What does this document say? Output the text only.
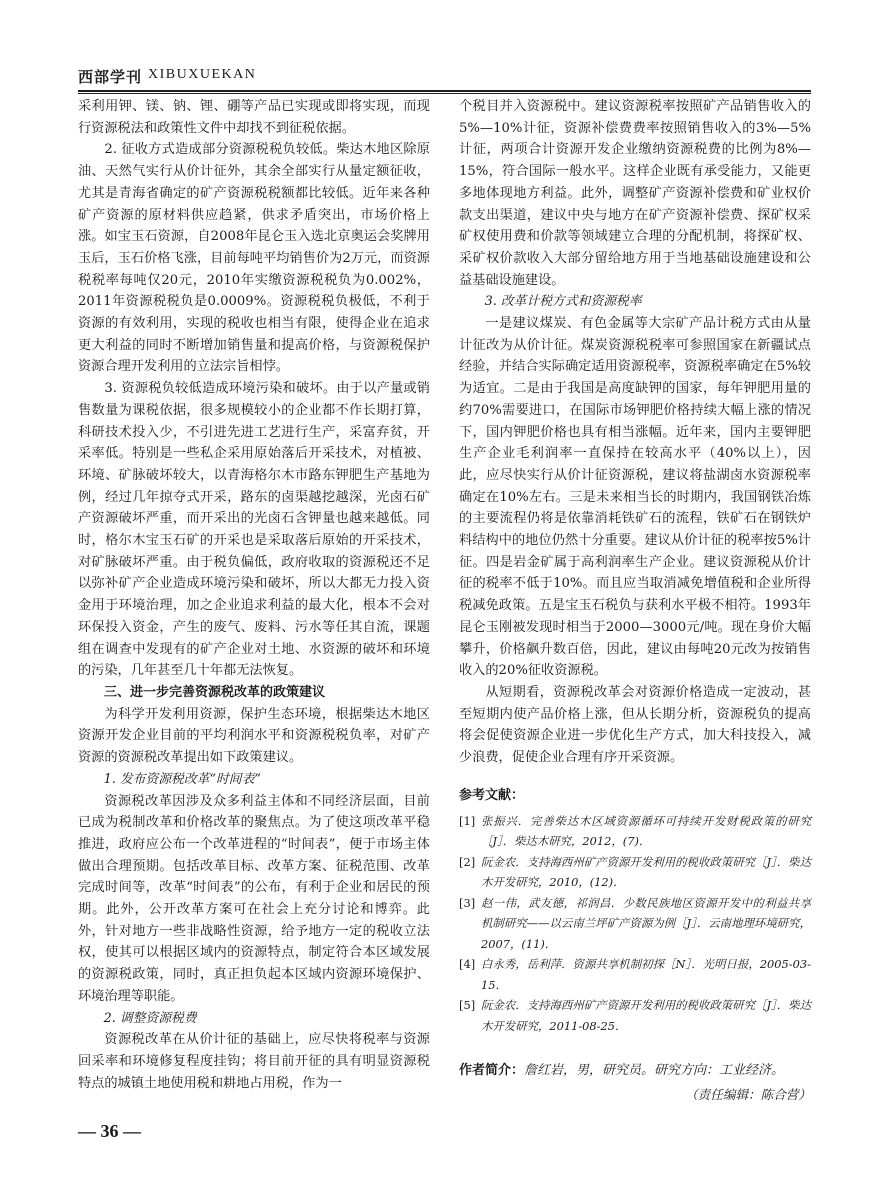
西部学刊 XIBUXUEKAN

采利用钾、镁、钠、锂、硼等产品已实现或即将实现，而现行资源税法和政策性文件中却找不到征税依据。

2. 征收方式造成部分资源税税负较低。柴达木地区除原油、天然气实行从价计征外，其余全部实行从量定额征收，尤其是青海省确定的矿产资源税税额都比较低。近年来各种矿产资源的原材料供应趋紧，供求矛盾突出，市场价格上涨。如宝玉石资源，自2008年昆仑玉入选北京奥运会奖牌用玉后，玉石价格飞涨，目前每吨平均销售价为2万元，而资源税税率每吨仅20元，2010年实缴资源税税负为0.002%，2011年资源税税负是0.0009%。资源税税负极低，不利于资源的有效利用，实现的税收也相当有限，使得企业在追求更大利益的同时不断增加销售量和提高价格，与资源税保护资源合理开发利用的立法宗旨相悖。

3. 资源税负较低造成环境污染和破坏。由于以产量或销售数量为课税依据，很多规模较小的企业都不作长期打算，科研技术投入少，不引进先进工艺进行生产，采富弃贫，开采率低。特别是一些私企采用原始落后开采技术，对植被、环境、矿脉破坏较大，以青海格尔木市路东钾肥生产基地为例，经过几年掠夺式开采，路东的卤渠越挖越深，光卤石矿产资源破坏严重，而开采出的光卤石含钾量也越来越低。同时，格尔木宝玉石矿的开采也是采取落后原始的开采技术，对矿脉破坏严重。由于税负偏低，政府收取的资源税还不足以弥补矿产企业造成环境污染和破坏，所以大都无力投入资金用于环境治理，加之企业追求利益的最大化，根本不会对环保投入资金，产生的废气、废料、污水等任其自流，课题组在调查中发现有的矿产企业对土地、水资源的破坏和环境的污染，几年甚至几十年都无法恢复。

三、进一步完善资源税改革的政策建议

为科学开发利用资源，保护生态环境，根据柴达木地区资源开发企业目前的平均利润水平和资源税税负率，对矿产资源的资源税改革提出如下政策建议。

1. 发布资源税改革“时间表”

资源税改革因涉及众多利益主体和不同经济层面，目前已成为税制改革和价格改革的聚焦点。为了使这项改革平稳推进，政府应公布一个改革进程的“时间表”，便于市场主体做出合理预期。包括改革目标、改革方案、征税范围、改革完成时间等，改革“时间表”的公布，有利于企业和居民的预期。此外，公开改革方案可在社会上充分讨论和博弈。此外，针对地方一些非战略性资源，给予地方一定的税收立法权，使其可以根据区域内的资源特点，制定符合本区域发展的资源税政策，同时，真正担负起本区域内资源环境保护、环境治理等职能。

2. 调整资源税费

资源税改革在从价计征的基础上，应尽快将税率与资源回采率和环境修复程度挂钩；将目前开征的具有明显资源税特点的城镇土地使用税和耕地占用税，作为一

个税目并入资源税中。建议资源税率按照矿产品销售收入的5%—10%计征，资源补偿费费率按照销售收入的3%—5%计征，两项合计资源开发企业缴纳资源税费的比例为8%—15%，符合国际一般水平。这样企业既有承受能力，又能更多地体现地方利益。此外，调整矿产资源补偿费和矿业权价款支出渠道，建议中央与地方在矿产资源补偿费、探矿权采矿权使用费和价款等领域建立合理的分配机制，将探矿权、采矿权价款收入大部分留给地方用于当地基础设施建设和公益基础设施建设。

3. 改革计税方式和资源税率

一是建议煤炭、有色金属等大宗矿产品计税方式由从量计征改为从价计征。煤炭资源税税率可参照国家在新疆试点经验，并结合实际确定适用资源税率，资源税率确定在5%较为适宜。二是由于我国是高度缺钾的国家，每年钾肥用量的约70%需要进口，在国际市场钾肥价格持续大幅上涨的情况下，国内钾肥价格也具有相当涨幅。近年来，国内主要钾肥生产企业毛利润率一直保持在较高水平（40%以上），因此，应尽快实行从价计征资源税，建议将盐湖卤水资源税率确定在10%左右。三是未来相当长的时期内，我国钢铁冶炼的主要流程仍将是依靠消耗铁矿石的流程，铁矿石在钢铁炉料结构中的地位仍然十分重要。建议从价计征的税率按5%计征。四是岩金矿属于高利润率生产企业。建议资源税从价计征的税率不低于10%。而且应当取消减免增值税和企业所得税减免政策。五是宝玉石税负与获利水平极不相符。1993年昆仑玉刚被发现时相当于2000—3000元/吨。现在身价大幅攀升，价格飙升数百倍，因此，建议由每吨20元改为按销售收入的20%征收资源税。

从短期看，资源税改革会对资源价格造成一定波动，甚至短期内使产品价格上涨，但从长期分析，资源税负的提高将会促使资源企业进一步优化生产方式，加大科技投入，减少浪费，促使企业合理有序开采资源。

参考文献：

[1] 张振兴．完善柴达木区域资源循环可持续开发财税政策的研究［J］．柴达木研究，2012，(7)．

[2] 阮金农．支持海西州矿产资源开发利用的税收政策研究［J］．柴达木开发研究，2010，(12)．

[3] 赵一伟，武友德，祁润昌．少数民族地区资源开发中的利益共享机制研究——以云南兰坪矿产资源为例［J］．云南地理环境研究，2007，(11)．

[4] 白永秀，岳利萍．资源共享机制初探［N］．光明日报，2005-03-15．

[5] 阮金农．支持海西州矿产资源开发利用的税收政策研究［J］．柴达木开发研究，2011-08-25．

作者简介：詹红岩，男，研究员。研究方向：工业经济。

（责任编辑：陈合营）

— 36 —
